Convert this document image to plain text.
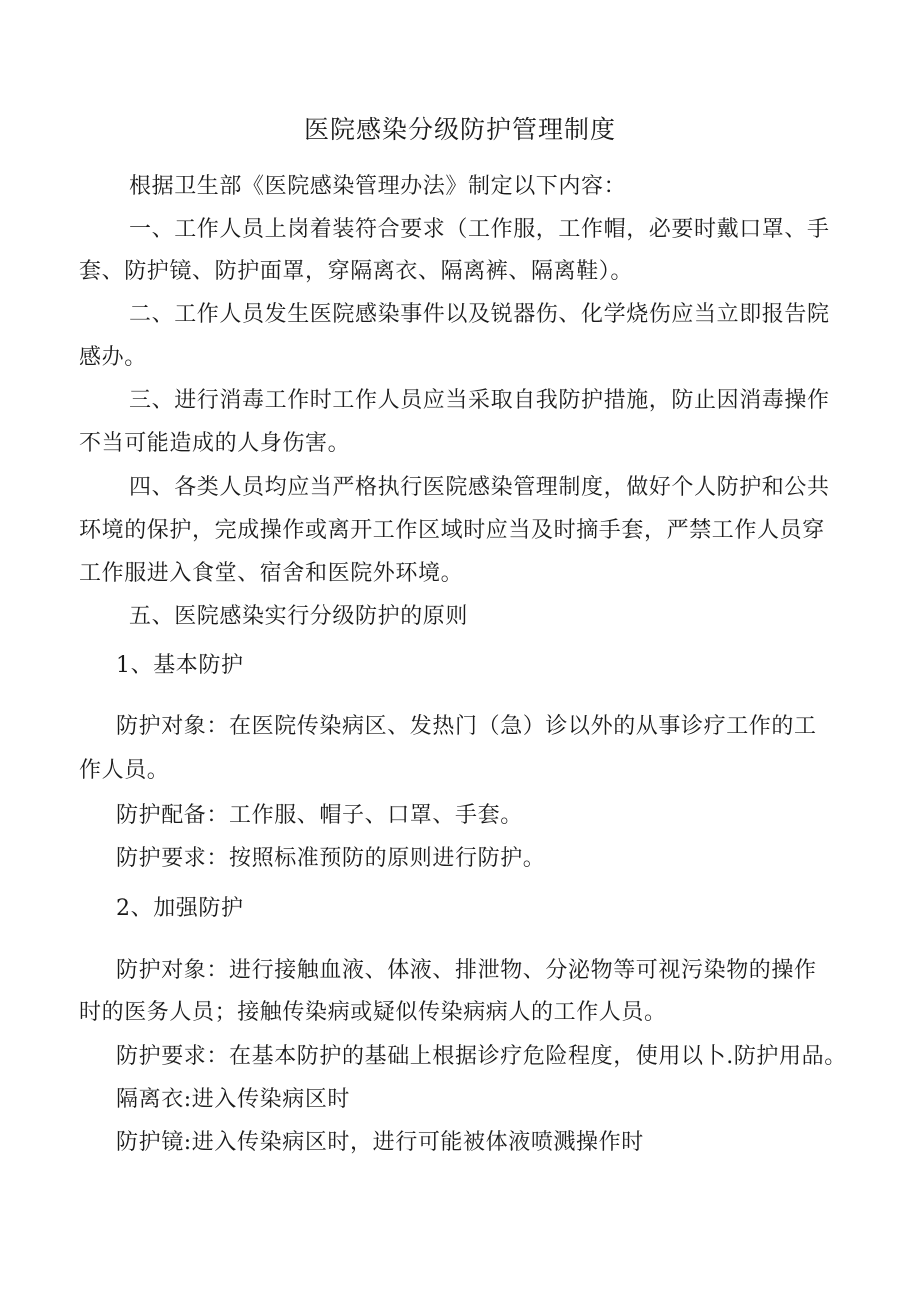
医院感染分级防护管理制度
根据卫生部《医院感染管理办法》制定以下内容：
一、工作人员上岗着装符合要求（工作服，工作帽，必要时戴口罩、手
套、防护镜、防护面罩，穿隔离衣、隔离裤、隔离鞋）。
二、工作人员发生医院感染事件以及锐器伤、化学烧伤应当立即报告院
感办。
三、进行消毒工作时工作人员应当采取自我防护措施，防止因消毒操作
不当可能造成的人身伤害。
四、各类人员均应当严格执行医院感染管理制度，做好个人防护和公共
环境的保护，完成操作或离开工作区域时应当及时摘手套，严禁工作人员穿
工作服进入食堂、宿舍和医院外环境。
五、医院感染实行分级防护的原则
1、基本防护
防护对象：在医院传染病区、发热门（急）诊以外的从事诊疗工作的工
作人员。
防护配备：工作服、帽子、口罩、手套。
防护要求：按照标准预防的原则进行防护。
2、加强防护
防护对象：进行接触血液、体液、排泄物、分泌物等可视污染物的操作
时的医务人员；接触传染病或疑似传染病病人的工作人员。
防护要求：在基本防护的基础上根据诊疗危险程度，使用以卜.防护用品。
隔离衣:进入传染病区时
防护镜:进入传染病区时，进行可能被体液喷溅操作时
